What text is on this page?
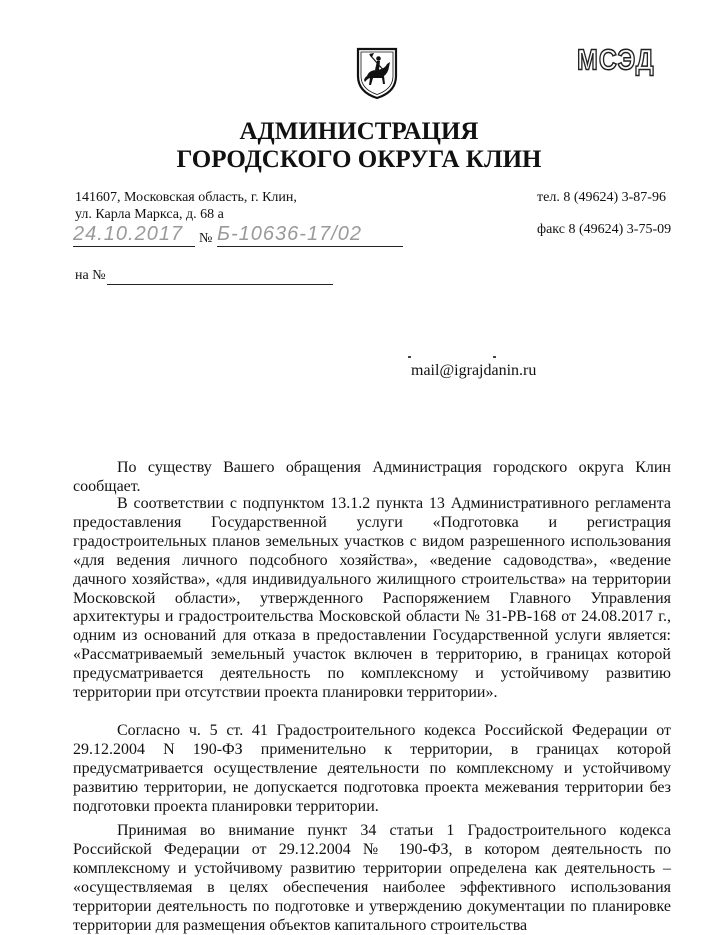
МСЭД
АДМИНИСТРАЦИЯ
ГОРОДСКОГО ОКРУГА КЛИН
141607, Московская область, г. Клин,
ул. Карла Маркса, д. 68 а
тел. 8 (49624) 3-87-96
факс 8 (49624) 3-75-09
24.10.2017	№ Б-10636-17/02
на №
mail@igrajdanin.ru

По существу Вашего обращения Администрация городского округа Клин сообщает.

В соответствии с подпунктом 13.1.2 пункта 13 Административного регламента предоставления Государственной услуги «Подготовка и регистрация градостроительных планов земельных участков с видом разрешенного использования «для ведения личного подсобного хозяйства», «ведение садоводства», «ведение дачного хозяйства», «для индивидуального жилищного строительства» на территории Московской области», утвержденного Распоряжением Главного Управления архитектуры и градостроительства Московской области № 31-РВ-168 от 24.08.2017 г., одним из оснований для отказа в предоставлении Государственной услуги является: «Рассматриваемый земельный участок включен в территорию, в границах которой предусматривается деятельность по комплексному и устойчивому развитию территории при отсутствии проекта планировки территории».

Согласно ч. 5 ст. 41 Градостроительного кодекса Российской Федерации от 29.12.2004 N 190-ФЗ применительно к территории, в границах которой предусматривается осуществление деятельности по комплексному и устойчивому развитию территории, не допускается подготовка проекта межевания территории без подготовки проекта планировки территории.

Принимая во внимание пункт 34 статьи 1 Градостроительного кодекса Российской Федерации от 29.12.2004 № 190-ФЗ, в котором деятельность по комплексному и устойчивому развитию территории определена как деятельность – «осуществляемая в целях обеспечения наиболее эффективного использования территории деятельность по подготовке и утверждению документации по планировке территории для размещения объектов капитального строительства
